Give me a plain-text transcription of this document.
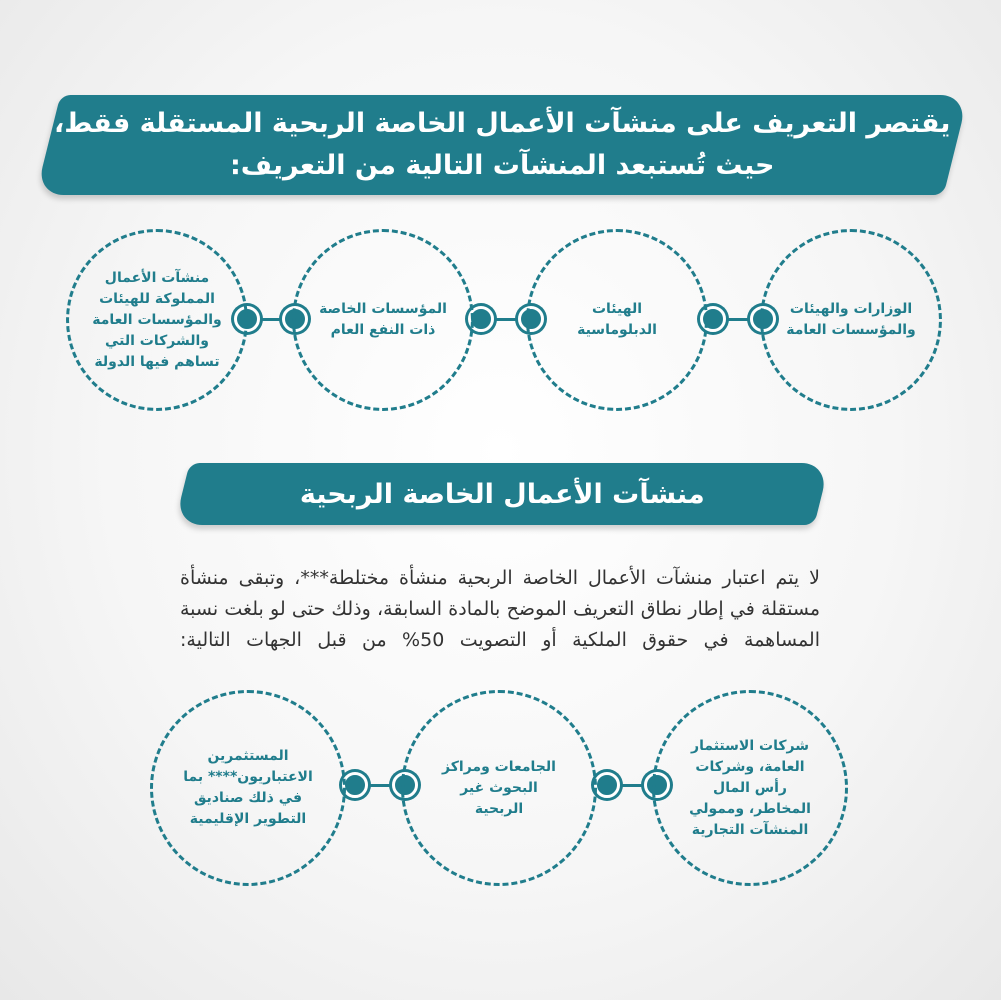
يقتصر التعريف على منشآت الأعمال الخاصة الربحية المستقلة فقط،
حيث تُستبعد المنشآت التالية من التعريف:
الوزارات والهيئات والمؤسسات العامة
الهيئات الدبلوماسية
المؤسسات الخاصة ذات النفع العام
منشآت الأعمال المملوكة للهيئات والمؤسسات العامة والشركات التي تساهم فيها الدولة
منشآت الأعمال الخاصة الربحية
لا يتم اعتبار منشآت الأعمال الخاصة الربحية منشأة مختلطة***، وتبقى منشأة مستقلة في إطار نطاق التعريف الموضح بالمادة السابقة، وذلك حتى لو بلغت نسبة المساهمة في حقوق الملكية أو التصويت 50% من قبل الجهات التالية:
شركات الاستثمار العامة، وشركات رأس المال المخاطر، وممولي المنشآت التجارية
الجامعات ومراكز البحوث غير الربحية
المستثمرين الاعتباريون**** بما في ذلك صناديق التطوير الإقليمية
